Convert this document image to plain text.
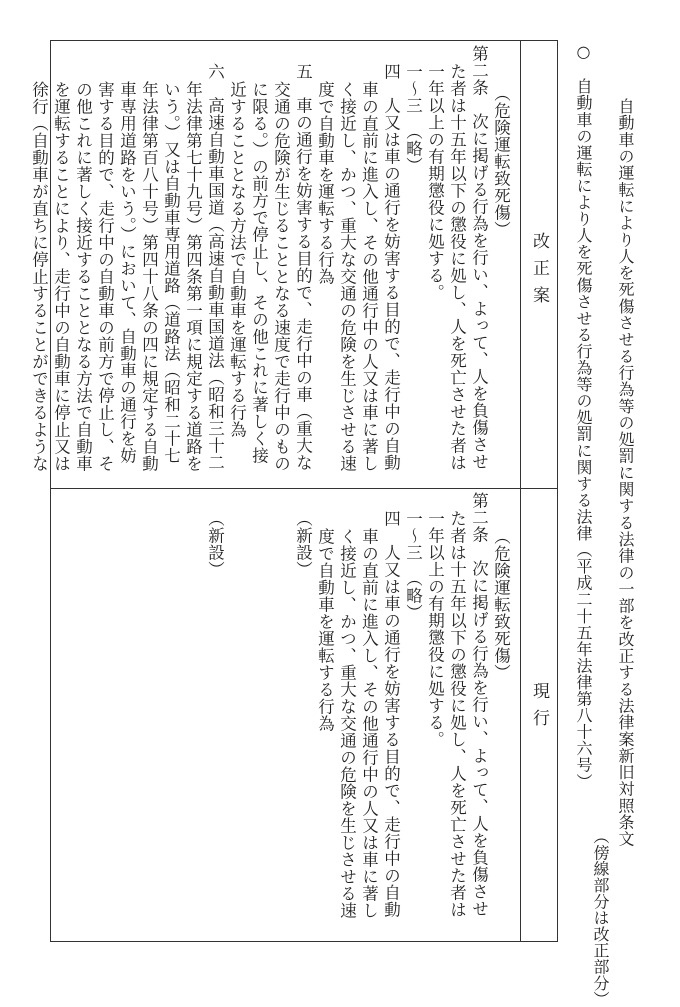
自動車の運転により人を死傷させる行為等の処罰に関する法律の一部を改正する法律案新旧対照条文
○　自動車の運転により人を死傷させる行為等の処罰に関する法律（平成二十五年法律第八十六号）
（傍線部分は改正部分）
改正案
現行
（危険運転致死傷）
第二条　次に掲げる行為を行い、よって、人を負傷させ
た者は十五年以下の懲役に処し、人を死亡させた者は
一年以上の有期懲役に処する。
一～三　（略）
四　人又は車の通行を妨害する目的で、走行中の自動
車の直前に進入し、その他通行中の人又は車に著し
く接近し、かつ、重大な交通の危険を生じさせる速
度で自動車を運転する行為
五　車の通行を妨害する目的で、走行中の車（重大な
交通の危険が生じることとなる速度で走行中のもの
に限る。）の前方で停止し、その他これに著しく接
近することとなる方法で自動車を運転する行為
六　高速自動車国道（高速自動車国道法（昭和三十二
年法律第七十九号）第四条第一項に規定する道路を
いう。）又は自動車専用道路（道路法（昭和二十七
年法律第百八十号）第四十八条の四に規定する自動
車専用道路をいう。）において、自動車の通行を妨
害する目的で、走行中の自動車の前方で停止し、そ
の他これに著しく接近することとなる方法で自動車
を運転することにより、走行中の自動車に停止又は
徐行（自動車が直ちに停止することができるような
（危険運転致死傷）
第二条　次に掲げる行為を行い、よって、人を負傷させ
た者は十五年以下の懲役に処し、人を死亡させた者は
一年以上の有期懲役に処する。
一～三　（略）
四　人又は車の通行を妨害する目的で、走行中の自動
車の直前に進入し、その他通行中の人又は車に著し
く接近し、かつ、重大な交通の危険を生じさせる速
度で自動車を運転する行為
（新設）
（新設）
